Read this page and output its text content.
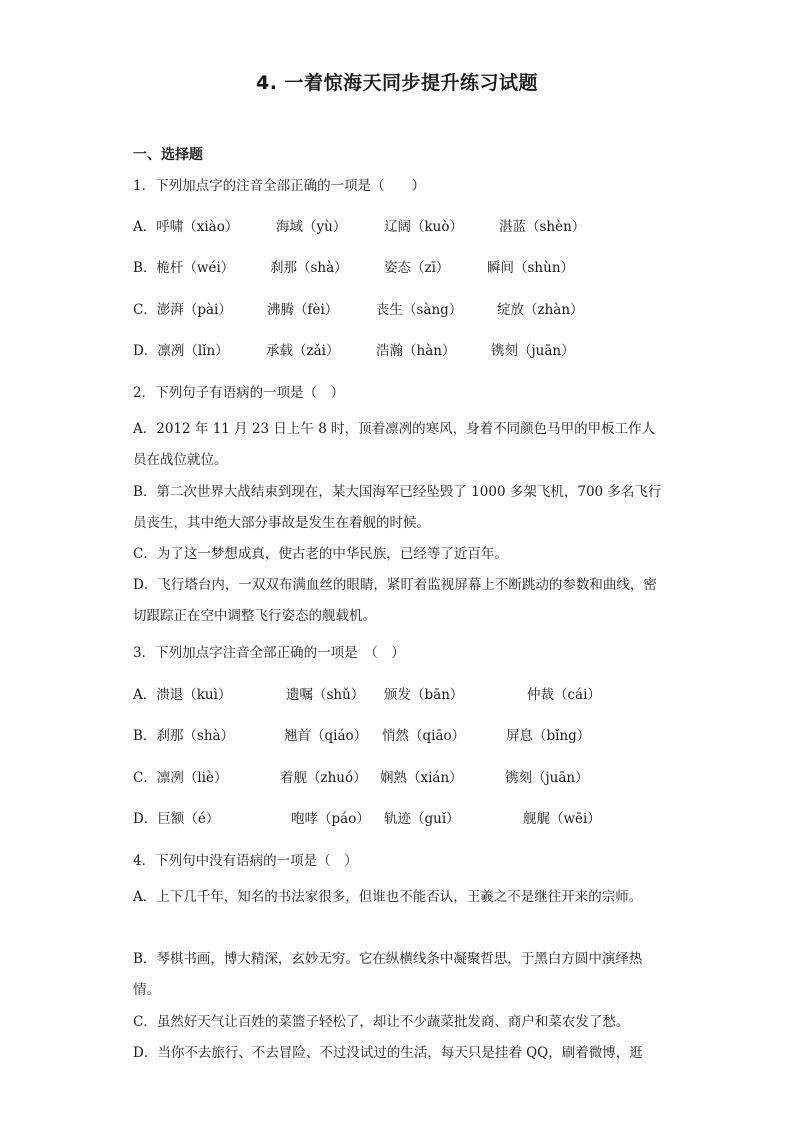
4. 一着惊海天同步提升练习试题
一、选择题
1．下列加点字的注音全部正确的一项是（　　）
A．呼啸（xiào）	海域（yù）	辽阔（kuò）	湛蓝（shèn）
B．桅杆（wéi）	刹那（shà）	姿态（zī）	瞬间（shùn）
C．澎湃（pài）	沸腾（fèi）	丧生（sàng）	绽放（zhàn）
D．凛冽（lǐn）	承载（zǎi）	浩瀚（hàn）	镌刻（juān）
2．下列句子有语病的一项是（　）
A．2012 年 11 月 23 日上午 8 时，顶着凛冽的寒风，身着不同颜色马甲的甲板工作人员在战位就位。
B．第二次世界大战结束到现在，某大国海军已经坠毁了 1000 多架飞机，700 多名飞行员丧生，其中绝大部分事故是发生在着舰的时候。
C．为了这一梦想成真，使古老的中华民族，已经等了近百年。
D．飞行塔台内，一双双布满血丝的眼睛，紧盯着监视屏幕上不断跳动的参数和曲线，密切跟踪正在空中调整飞行姿态的舰载机。
3．下列加点字注音全部正确的一项是　（　）
A．溃退（kuì）	遗嘱（shǔ） 颁发（bān）	仲裁（cái）
B．刹那（shà）	翘首（qiáo） 悄然（qiāo）	屏息（bǐng）
C．凛冽（liè）	着舰（zhuó） 娴熟（xián）	镌刻（juān）
D．巨额（é）	咆哮（páo） 轨迹（guǐ）	舰艉（wēi）
4．下列句中没有语病的一项是（　）
A．上下几千年，知名的书法家很多，但谁也不能否认，王羲之不是继往开来的宗师。
B．琴棋书画，博大精深，玄妙无穷。它在纵横线条中凝聚哲思，于黑白方圆中演绎热情。
C．虽然好天气让百姓的菜篮子轻松了，却让不少蔬菜批发商、商户和菜农发了愁。
D．当你不去旅行、不去冒险、不过没试过的生活，每天只是挂着 QQ，刷着微博，逛
